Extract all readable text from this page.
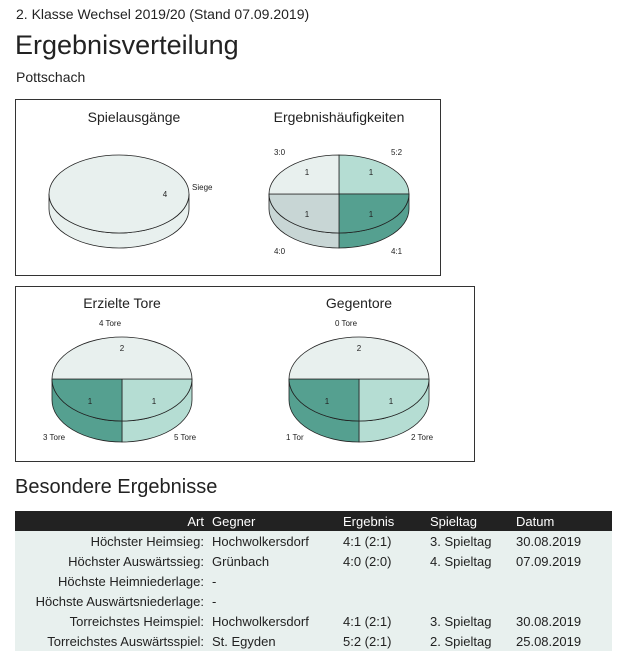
2. Klasse Wechsel 2019/20 (Stand 07.09.2019)
Ergebnisverteilung
Pottschach
Spielausgänge	Ergebnishäufigkeiten
4
Siege
1
1
1
1
5:2
4:1
4:0
3:0
Erzielte Tore	Gegentore
1
1
2
5 Tore
3 Tore
4 Tore
1
1
2
2 Tore
1 Tor
0 Tore
Besondere Ergebnisse
Art	Gegner	Ergebnis	Spieltag	Datum
Höchster Heimsieg:	Hochwolkersdorf	4:1 (2:1)	3. Spieltag	30.08.2019
Höchster Auswärtssieg:	Grünbach	4:0 (2:0)	4. Spieltag	07.09.2019
Höchste Heimniederlage:	-			
Höchste Auswärtsniederlage:	-			
Torreichstes Heimspiel:	Hochwolkersdorf	4:1 (2:1)	3. Spieltag	30.08.2019
Torreichstes Auswärtsspiel:	St. Egyden	5:2 (2:1)	2. Spieltag	25.08.2019
